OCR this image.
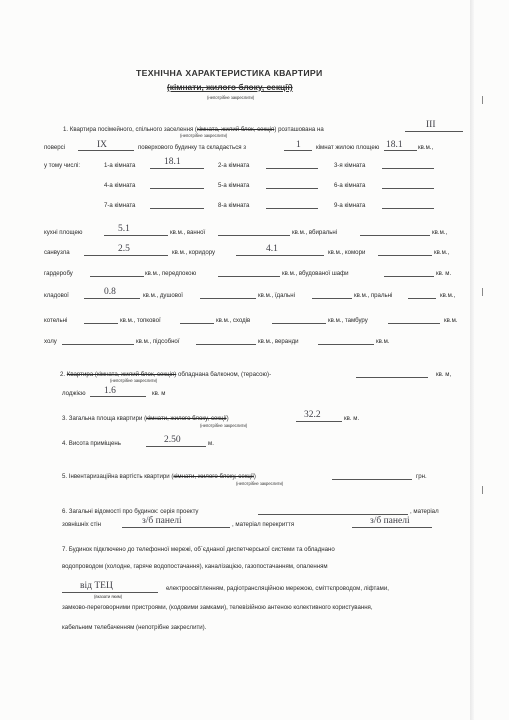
ТЕХНІЧНА ХАРАКТЕРИСТИКА КВАРТИРИ
(кімнати, жилого блоку, секції)
(непотрібне закреслити)
1. Квартира посімейного, спільного заселення (кімната, жилий блок, секція) розташована на
(непотрібне закреслити)
III
поверсі	IX	поверхового будинку та складається з	1	кімнат жилою площею 18.1	кв.м.,
у тому числі:	1-а кімната	18.1	2-а кімната	3-я кімната
4-а кімната	5-а кімната	6-а кімната
7-а кімната	8-а кімната	9-а кімната
кухні площею	5.1	кв.м., ванної	кв.м., вбиральні	кв.м.,
санвузла	2.5	кв.м., коридору	4.1	кв.м., комори	кв.м.,
гардеробу	кв.м., передпокою	кв.м., вбудованої шафи	кв. м.
кладової	0.8	кв.м., душової	кв.м., їдальні	кв.м., пральні	кв.м.,
котельні	кв.м., топкової	кв.м., сходів	кв.м., тамбуру	кв.м.
холу	кв.м., підсобної	кв.м., веранди	кв.м.
2. Квартира (кімната, жилий блок, секція) обладнана балконом, (терасою)-	кв. м,
(непотрібне закреслити)
лоджією 1.6	кв. м
3. Загальна площа квартири (кімнати, жилого блоку, секції)
(непотрібне закреслити)
32.2	кв. м.
4. Висота приміщень	2.50	м.
5. Інвентаризаційна вартість квартири (кімнати, жилого блоку, секції)
(непотрібне закреслити)
грн.
6. Загальні відомості про будинок: серія проекту	, матеріал
зовнішніх стін	з/б панелі	, матеріал перекриття	з/б панелі
7. Будинок підключено до телефонної мережі, об`єднаної диспетчерської системи та обладнано
водопроводом (холодне, гаряче водопостачання), каналізацією, газопостачанням, опаленням
від ТЕЦ	електроосвітленням, радіотрансляційною мережою, сміттєпроводом, ліфтами,
(вказати яким)
замково-переговорними пристроями, (кодовими замками), телевізійною антеною колективного користування,
кабельним телебаченням (непотрібне закреслити).
